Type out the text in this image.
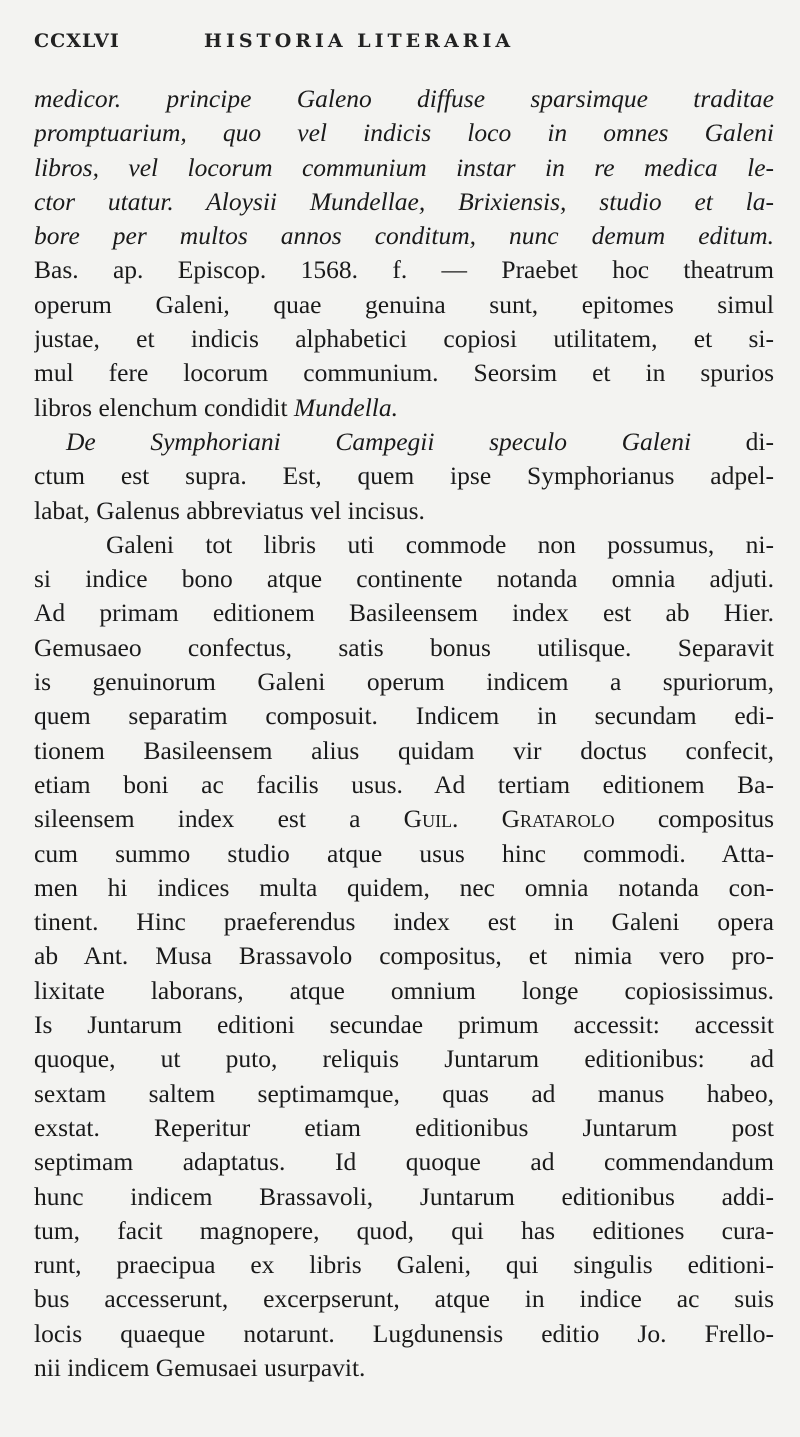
CCXLVI	HISTORIA LITERARIA
medicor. principe Galeno diffuse sparsimque traditae
promptuarium, quo vel indicis loco in omnes Galeni
libros, vel locorum communium instar in re medica le-
ctor utatur. Aloysii Mundellae, Brixiensis, studio et la-
bore per multos annos conditum, nunc demum editum.
Bas. ap. Episcop. 1568. f. — Praebet hoc theatrum
operum Galeni, quae genuina sunt, epitomes simul
justae, et indicis alphabetici copiosi utilitatem, et si-
mul fere locorum communium. Seorsim et in spurios
libros elenchum condidit Mundella.
De Symphoriani Campegii speculo Galeni di-
ctum est supra. Est, quem ipse Symphorianus adpel-
labat, Galenus abbreviatus vel incisus.
Galeni tot libris uti commode non possumus, ni-
si indice bono atque continente notanda omnia adjuti.
Ad primam editionem Basileensem index est ab Hier.
Gemusaeo confectus, satis bonus utilisque. Separavit
is genuinorum Galeni operum indicem a spuriorum,
quem separatim composuit. Indicem in secundam edi-
tionem Basileensem alius quidam vir doctus confecit,
etiam boni ac facilis usus. Ad tertiam editionem Ba-
sileensem index est a Guil. Gratarolo compositus
cum summo studio atque usus hinc commodi. Atta-
men hi indices multa quidem, nec omnia notanda con-
tinent. Hinc praeferendus index est in Galeni opera
ab Ant. Musa Brassavolo compositus, et nimia vero pro-
lixitate laborans, atque omnium longe copiosissimus.
Is Juntarum editioni secundae primum accessit: accessit
quoque, ut puto, reliquis Juntarum editionibus: ad
sextam saltem septimamque, quas ad manus habeo,
exstat. Reperitur etiam editionibus Juntarum post
septimam adaptatus. Id quoque ad commendandum
hunc indicem Brassavoli, Juntarum editionibus addi-
tum, facit magnopere, quod, qui has editiones cura-
runt, praecipua ex libris Galeni, qui singulis editioni-
bus accesserunt, excerpserunt, atque in indice ac suis
locis quaeque notarunt. Lugdunensis editio Jo. Frello-
nii indicem Gemusaei usurpavit.
